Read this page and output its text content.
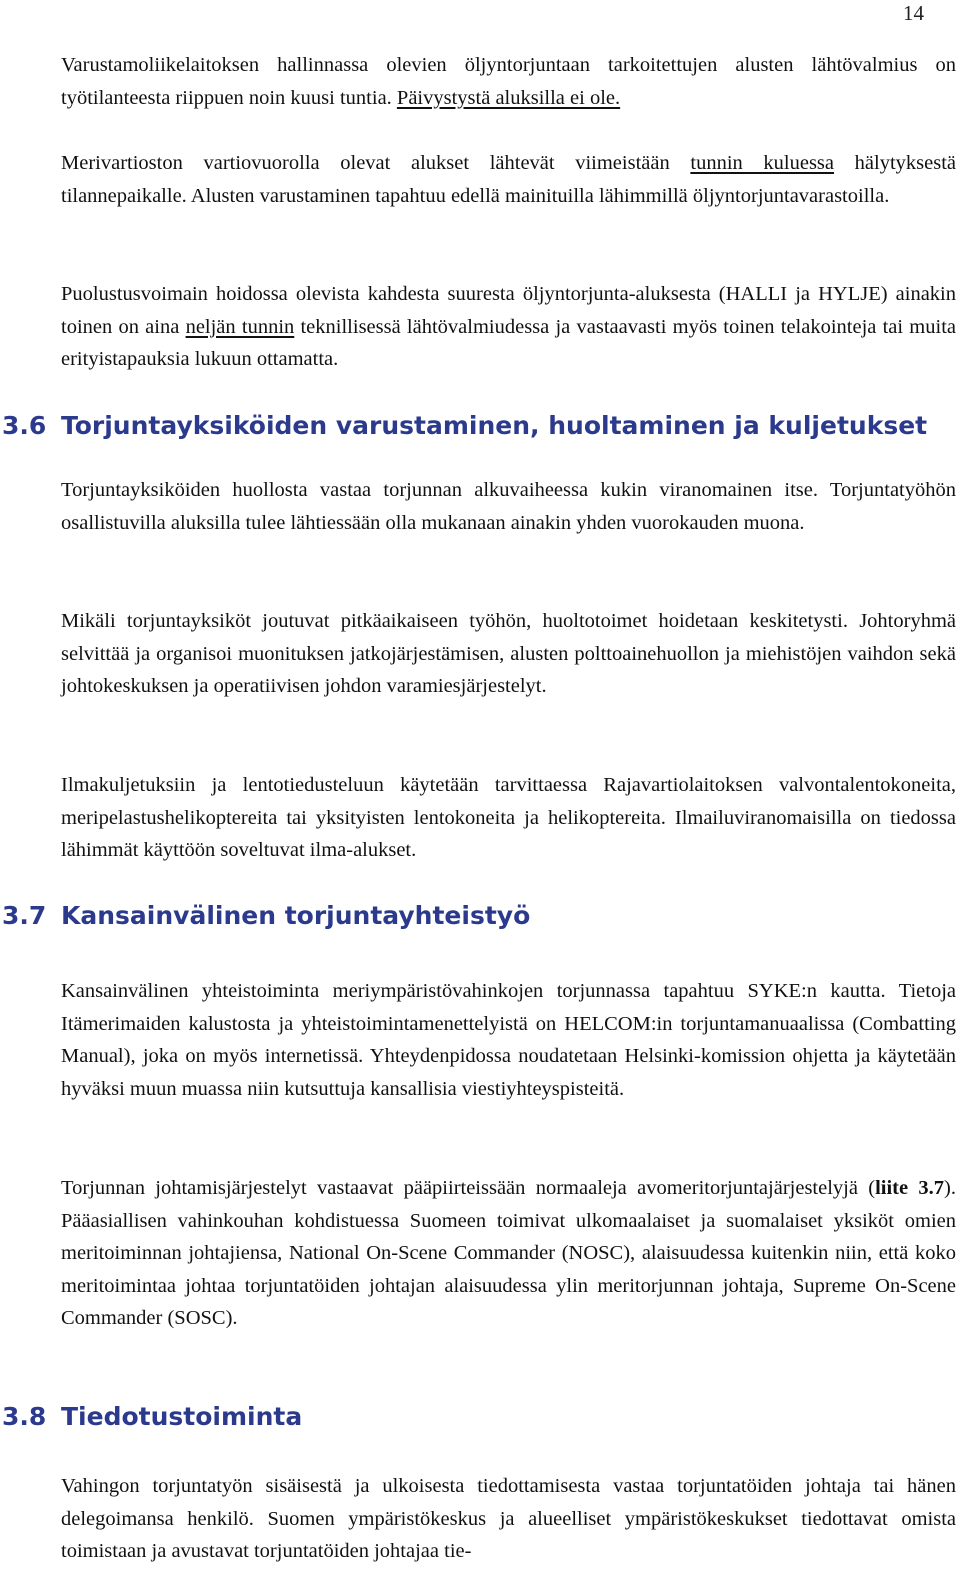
14

Varustamoliikelaitoksen hallinnassa olevien öljyntorjuntaan tarkoitettujen alusten lähtövalmius on työtilanteesta riippuen noin kuusi tuntia. Päivystystä aluksilla ei ole.

Merivartioston vartiovuorolla olevat alukset lähtevät viimeistään tunnin kuluessa hälytyksestä tilannepaikalle. Alusten varustaminen tapahtuu edellä mainituilla lähimmillä öljyntorjuntavarastoilla.

Puolustusvoimain hoidossa olevista kahdesta suuresta öljyntorjunta-aluksesta (HALLI ja HYLJE) ainakin toinen on aina neljän tunnin teknillisessä lähtövalmiudessa ja vastaavasti myös toinen telakointeja tai muita erityistapauksia lukuun ottamatta.

3.6 Torjuntayksiköiden varustaminen, huoltaminen ja kuljetukset

Torjuntayksiköiden huollosta vastaa torjunnan alkuvaiheessa kukin viranomainen itse. Torjuntatyöhön osallistuvilla aluksilla tulee lähtiessään olla mukanaan ainakin yhden vuorokauden muona.

Mikäli torjuntayksiköt joutuvat pitkäaikaiseen työhön, huoltotoimet hoidetaan keskitetysti. Johtoryhmä selvittää ja organisoi muonituksen jatkojärjestämisen, alusten polttoainehuollon ja miehistöjen vaihdon sekä johtokeskuksen ja operatiivisen johdon varamiesjärjestelyt.

Ilmakuljetuksiin ja lentotiedusteluun käytetään tarvittaessa Rajavartiolaitoksen valvontalentokoneita, meripelastushelikoptereita tai yksityisten lentokoneita ja helikoptereita. Ilmailuviranomaisilla on tiedossa lähimmät käyttöön soveltuvat ilma-alukset.

3.7 Kansainvälinen torjuntayhteistyö

Kansainvälinen yhteistoiminta meriympäristövahinkojen torjunnassa tapahtuu SYKE:n kautta. Tietoja Itämerimaiden kalustosta ja yhteistoimintamenettelyistä on HELCOM:in torjuntamanuaalissa (Combatting Manual), joka on myös internetissä. Yhteydenpidossa noudatetaan Helsinki-komission ohjetta ja käytetään hyväksi muun muassa niin kutsuttuja kansallisia viestiyhteyspisteitä.

Torjunnan johtamisjärjestelyt vastaavat pääpiirteissään normaaleja avomeritorjuntajärjestelyjä (liite 3.7). Pääasiallisen vahinkouhan kohdistuessa Suomeen toimivat ulkomaalaiset ja suomalaiset yksiköt omien meritoiminnan johtajiensa, National On-Scene Commander (NOSC), alaisuudessa kuitenkin niin, että koko meritoimintaa johtaa torjuntatöiden johtajan alaisuudessa ylin meritorjunnan johtaja, Supreme On-Scene Commander (SOSC).

3.8 Tiedotustoiminta

Vahingon torjuntatyön sisäisestä ja ulkoisesta tiedottamisesta vastaa torjuntatöiden johtaja tai hänen delegoimansa henkilö. Suomen ympäristökeskus ja alueelliset ympäristökeskukset tiedottavat omista toimistaan ja avustavat torjuntatöiden johtajaa tie-
